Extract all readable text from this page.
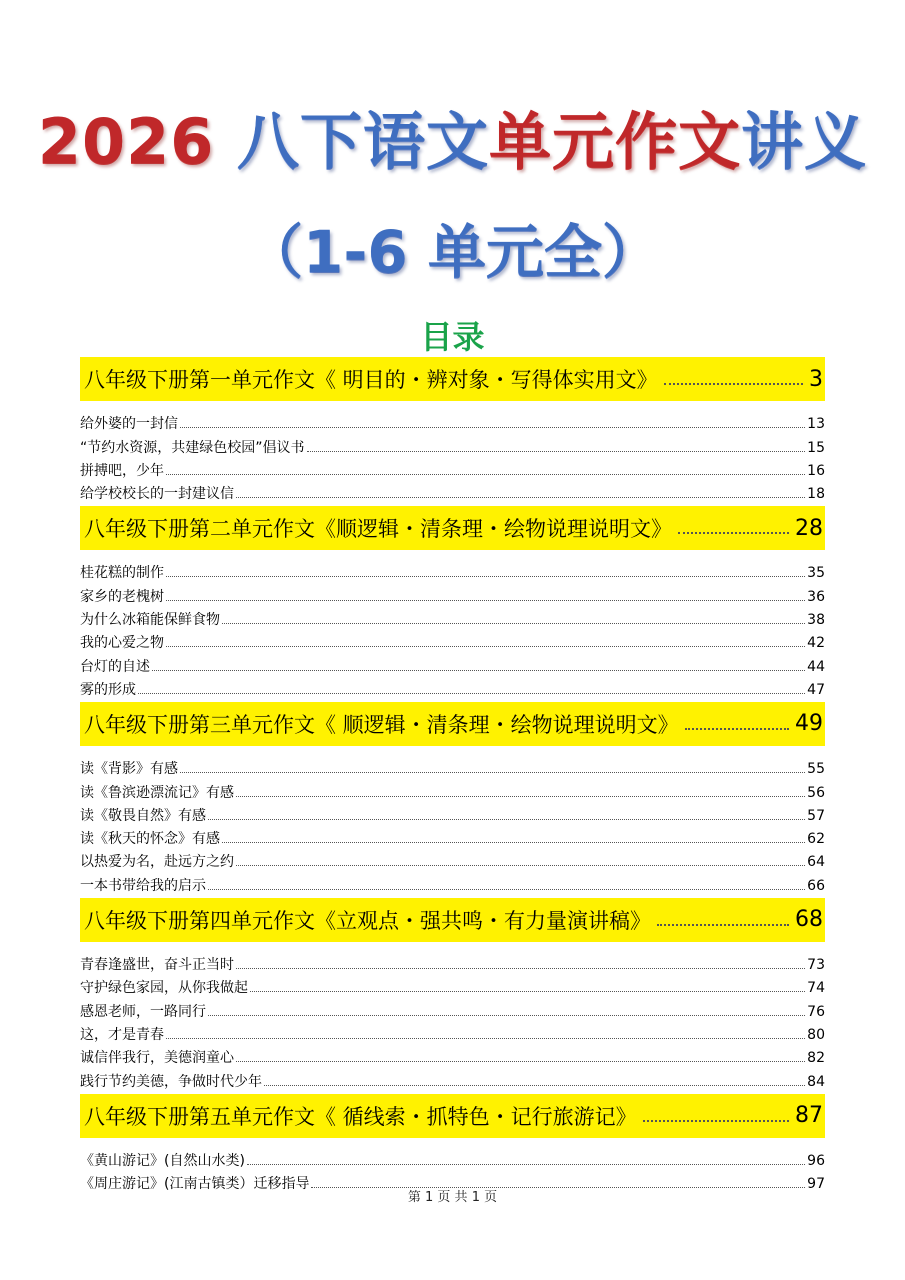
2026 八下语文单元作文讲义
（1-6 单元全）
目录
八年级下册第一单元作文《 明目的・辨对象・写得体实用文》	3
给外婆的一封信	13
“节约水资源，共建绿色校园”倡议书	15
拼搏吧，少年	16
给学校校长的一封建议信	18
八年级下册第二单元作文《顺逻辑・清条理・绘物说理说明文》	28
桂花糕的制作	35
家乡的老槐树	36
为什么冰箱能保鲜食物	38
我的心爱之物	42
台灯的自述	44
雾的形成	47
八年级下册第三单元作文《 顺逻辑・清条理・绘物说理说明文》	49
读《背影》有感	55
读《鲁滨逊漂流记》有感	56
读《敬畏自然》有感	57
读《秋天的怀念》有感	62
以热爱为名，赴远方之约	64
一本书带给我的启示	66
八年级下册第四单元作文《立观点・强共鸣・有力量演讲稿》	68
青春逢盛世，奋斗正当时	73
守护绿色家园，从你我做起	74
感恩老师，一路同行	76
这，才是青春	80
诚信伴我行，美德润童心	82
践行节约美德，争做时代少年	84
八年级下册第五单元作文《 循线索・抓特色・记行旅游记》	87
《黄山游记》(自然山水类)	96
《周庄游记》(江南古镇类）迁移指导	97
第 1 页 共 1 页
